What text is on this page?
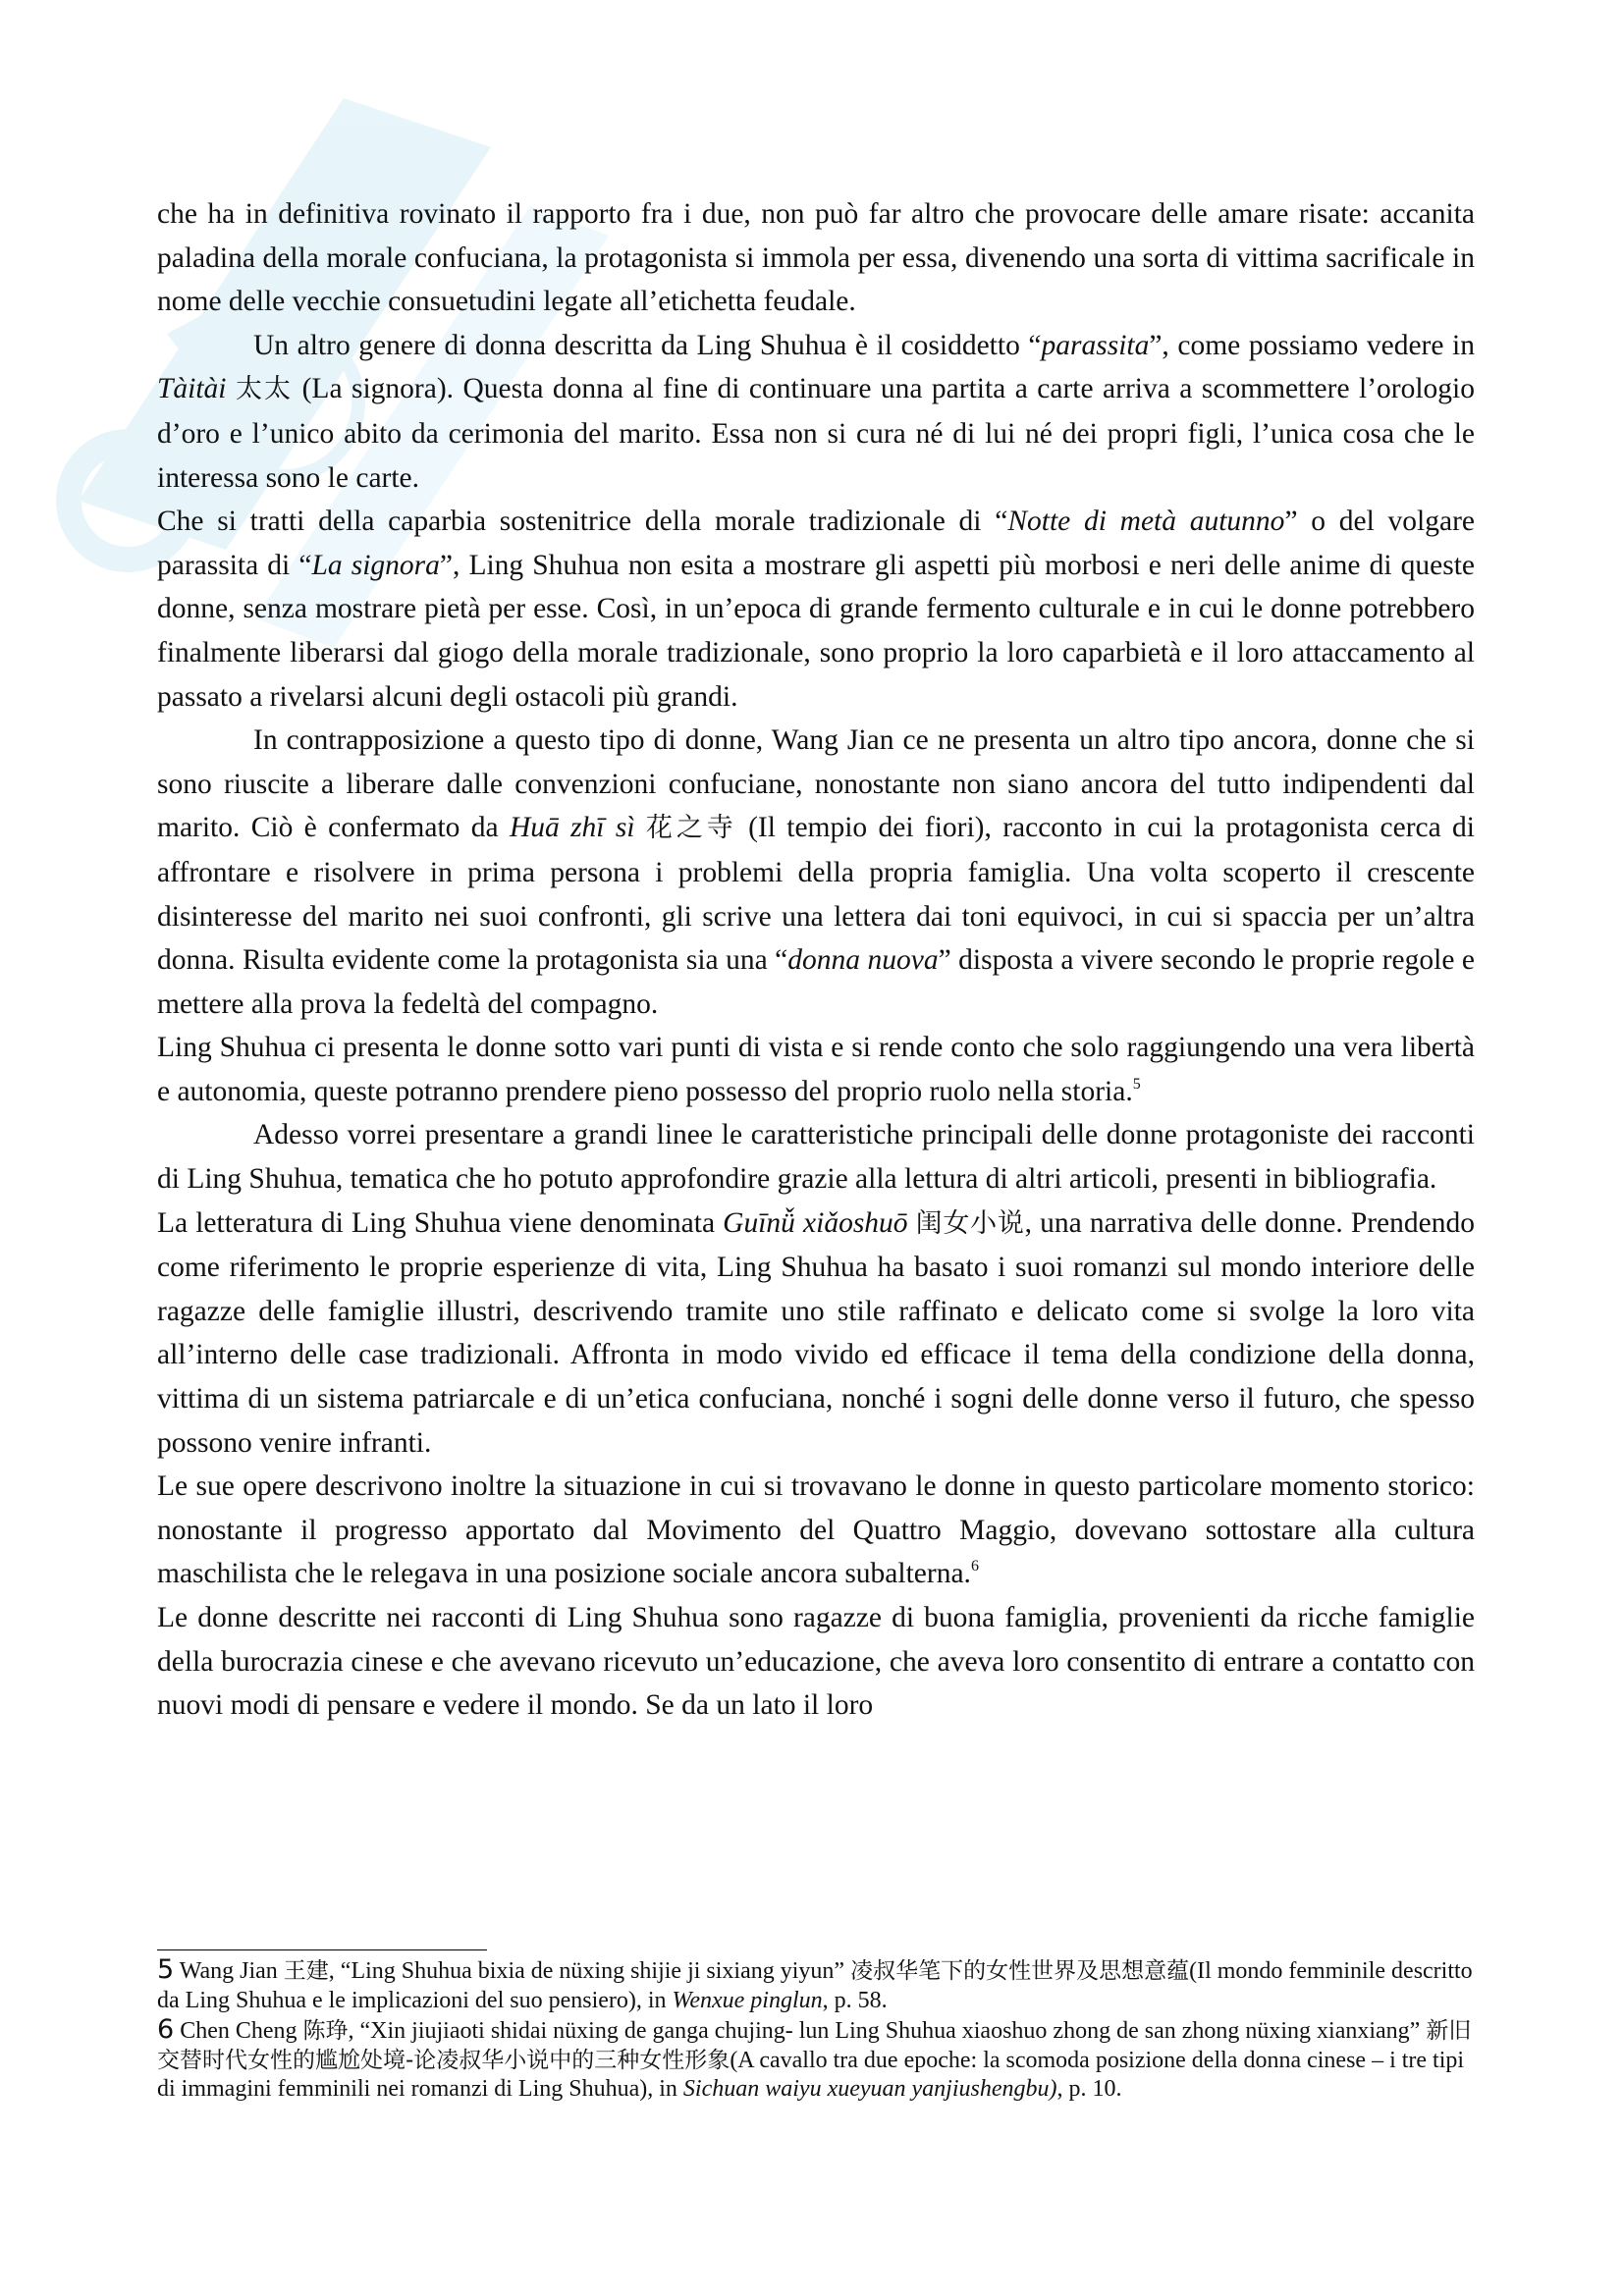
che ha in definitiva rovinato il rapporto fra i due, non può far altro che provocare delle amare risate: accanita paladina della morale confuciana, la protagonista si immola per essa, divenendo una sorta di vittima sacrificale in nome delle vecchie consuetudini legate all’etichetta feudale.

Un altro genere di donna descritta da Ling Shuhua è il cosiddetto “parassita”, come possiamo vedere in Tàitài 太太 (La signora). Questa donna al fine di continuare una partita a carte arriva a scommettere l’orologio d’oro e l’unico abito da cerimonia del marito. Essa non si cura né di lui né dei propri figli, l’unica cosa che le interessa sono le carte.

Che si tratti della caparbia sostenitrice della morale tradizionale di “Notte di metà autunno” o del volgare parassita di “La signora”, Ling Shuhua non esita a mostrare gli aspetti più morbosi e neri delle anime di queste donne, senza mostrare pietà per esse. Così, in un’epoca di grande fermento culturale e in cui le donne potrebbero finalmente liberarsi dal giogo della morale tradizionale, sono proprio la loro caparbietà e il loro attaccamento al passato a rivelarsi alcuni degli ostacoli più grandi.

In contrapposizione a questo tipo di donne, Wang Jian ce ne presenta un altro tipo ancora, donne che si sono riuscite a liberare dalle convenzioni confuciane, nonostante non siano ancora del tutto indipendenti dal marito. Ciò è confermato da Huā zhī sì 花之寺 (Il tempio dei fiori), racconto in cui la protagonista cerca di affrontare e risolvere in prima persona i problemi della propria famiglia. Una volta scoperto il crescente disinteresse del marito nei suoi confronti, gli scrive una lettera dai toni equivoci, in cui si spaccia per un’altra donna. Risulta evidente come la protagonista sia una “donna nuova” disposta a vivere secondo le proprie regole e mettere alla prova la fedeltà del compagno.

Ling Shuhua ci presenta le donne sotto vari punti di vista e si rende conto che solo raggiungendo una vera libertà e autonomia, queste potranno prendere pieno possesso del proprio ruolo nella storia.$^5$

Adesso vorrei presentare a grandi linee le caratteristiche principali delle donne protagoniste dei racconti di Ling Shuhua, tematica che ho potuto approfondire grazie alla lettura di altri articoli, presenti in bibliografia.

La letteratura di Ling Shuhua viene denominata Guīnǚ xiǎoshuō 闺女小说, una narrativa delle donne. Prendendo come riferimento le proprie esperienze di vita, Ling Shuhua ha basato i suoi romanzi sul mondo interiore delle ragazze delle famiglie illustri, descrivendo tramite uno stile raffinato e delicato come si svolge la loro vita all’interno delle case tradizionali. Affronta in modo vivido ed efficace il tema della condizione della donna, vittima di un sistema patriarcale e di un’etica confuciana, nonché i sogni delle donne verso il futuro, che spesso possono venire infranti.

Le sue opere descrivono inoltre la situazione in cui si trovavano le donne in questo particolare momento storico: nonostante il progresso apportato dal Movimento del Quattro Maggio, dovevano sottostare alla cultura maschilista che le relegava in una posizione sociale ancora subalterna.$^6$

Le donne descritte nei racconti di Ling Shuhua sono ragazze di buona famiglia, provenienti da ricche famiglie della burocrazia cinese e che avevano ricevuto un’educazione, che aveva loro consentito di entrare a contatto con nuovi modi di pensare e vedere il mondo. Se da un lato il loro

5 Wang Jian 王建, “Ling Shuhua bixia de nüxing shijie ji sixiang yiyun” 凌叔华笔下的女性世界及思想意蕴(Il mondo femminile descritto da Ling Shuhua e le implicazioni del suo pensiero), in Wenxue pinglun, p. 58.

6 Chen Cheng 陈琤, “Xin jiujiaoti shidai nüxing de ganga chujing- lun Ling Shuhua xiaoshuo zhong de san zhong nüxing xianxiang” 新旧交替时代女性的尴尬处境-论凌叔华小说中的三种女性形象(A cavallo tra due epoche: la scomoda posizione della donna cinese – i tre tipi di immagini femminili nei romanzi di Ling Shuhua), in Sichuan waiyu xueyuan yanjiushengbu), p. 10.
